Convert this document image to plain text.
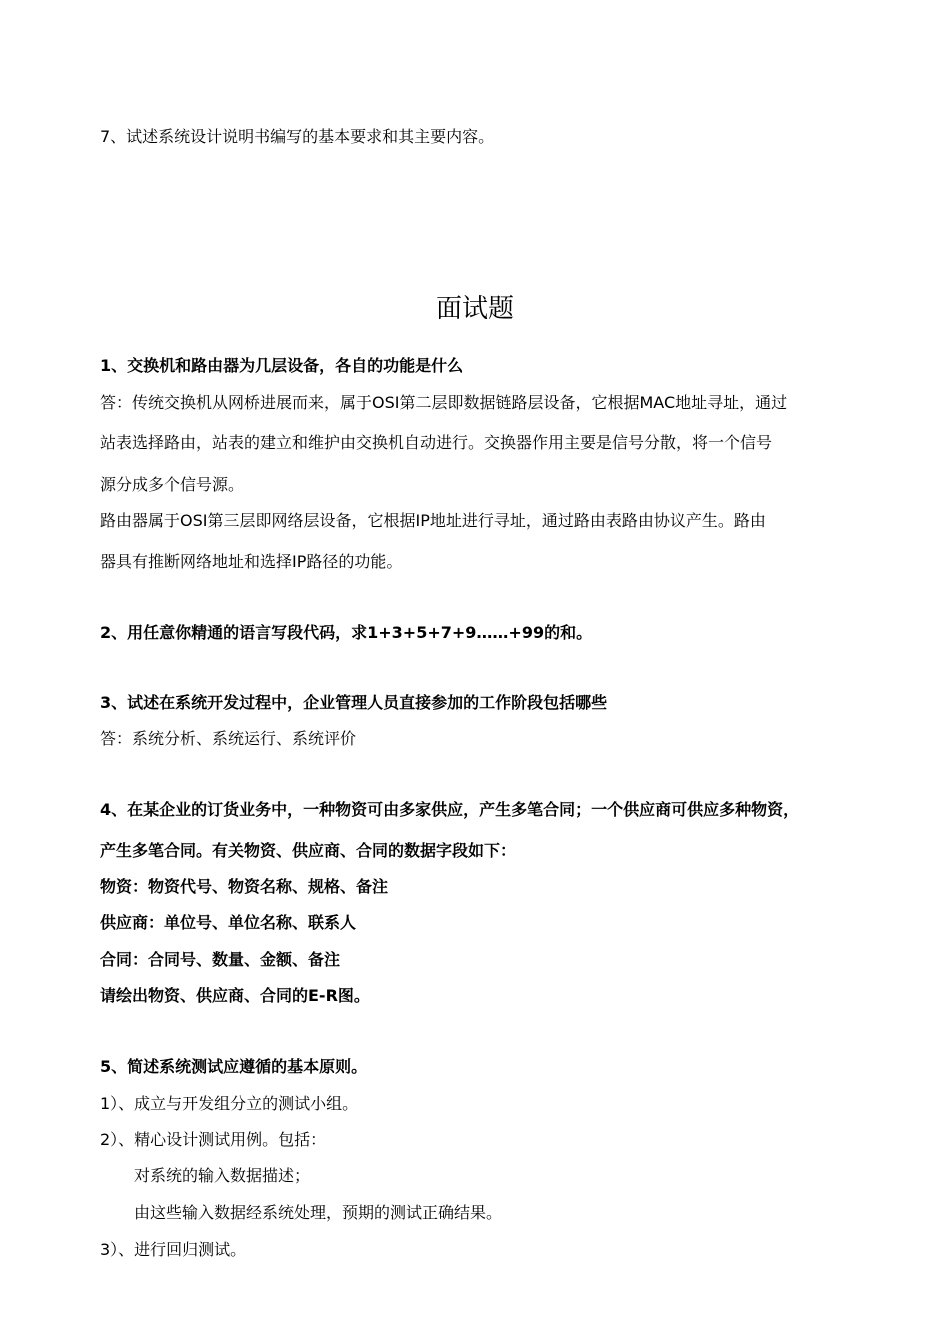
7、试述系统设计说明书编写的基本要求和其主要内容。
面试题
1、交换机和路由器为几层设备，各自的功能是什么
答：传统交换机从网桥进展而来，属于OSI第二层即数据链路层设备，它根据MAC地址寻址，通过
站表选择路由，站表的建立和维护由交换机自动进行。交换器作用主要是信号分散，将一个信号
源分成多个信号源。
路由器属于OSI第三层即网络层设备，它根据IP地址进行寻址，通过路由表路由协议产生。路由
器具有推断网络地址和选择IP路径的功能。
2、用任意你精通的语言写段代码，求1+3+5+7+9……+99的和。
3、试述在系统开发过程中，企业管理人员直接参加的工作阶段包括哪些
答：系统分析、系统运行、系统评价
4、在某企业的订货业务中，一种物资可由多家供应，产生多笔合同；一个供应商可供应多种物资，
产生多笔合同。有关物资、供应商、合同的数据字段如下：
物资：物资代号、物资名称、规格、备注
供应商：单位号、单位名称、联系人
合同：合同号、数量、金额、备注
请绘出物资、供应商、合同的E-R图。
5、简述系统测试应遵循的基本原则。
1）、成立与开发组分立的测试小组。
2）、精心设计测试用例。包括：
对系统的输入数据描述；
由这些输入数据经系统处理，预期的测试正确结果。
3）、进行回归测试。
